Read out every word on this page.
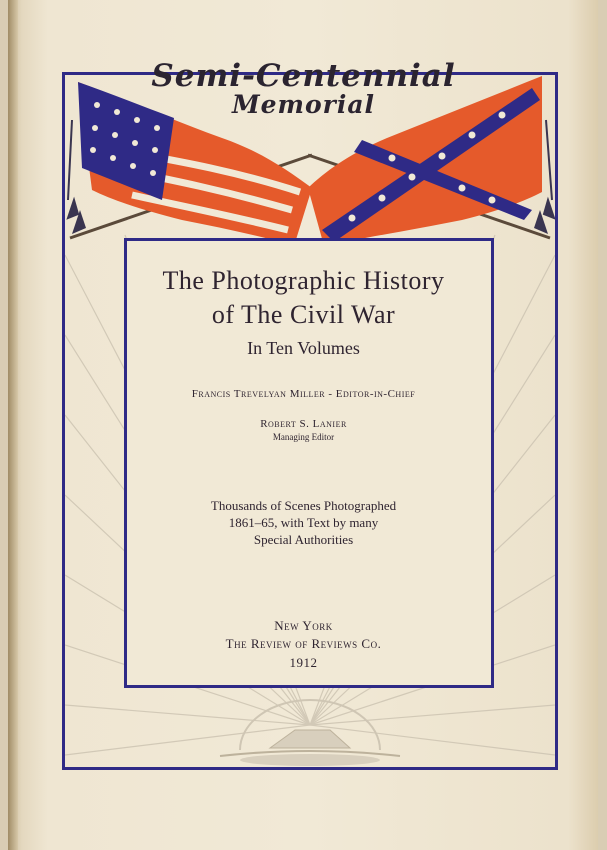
Semi-Centennial
Memorial
The Photographic History
of The Civil War
In Ten Volumes
Francis Trevelyan Miller - Editor-in-Chief
Robert S. Lanier
Managing Editor
Thousands of Scenes Photographed
1861–65, with Text by many
Special Authorities
New York
The Review of Reviews Co.
1912
